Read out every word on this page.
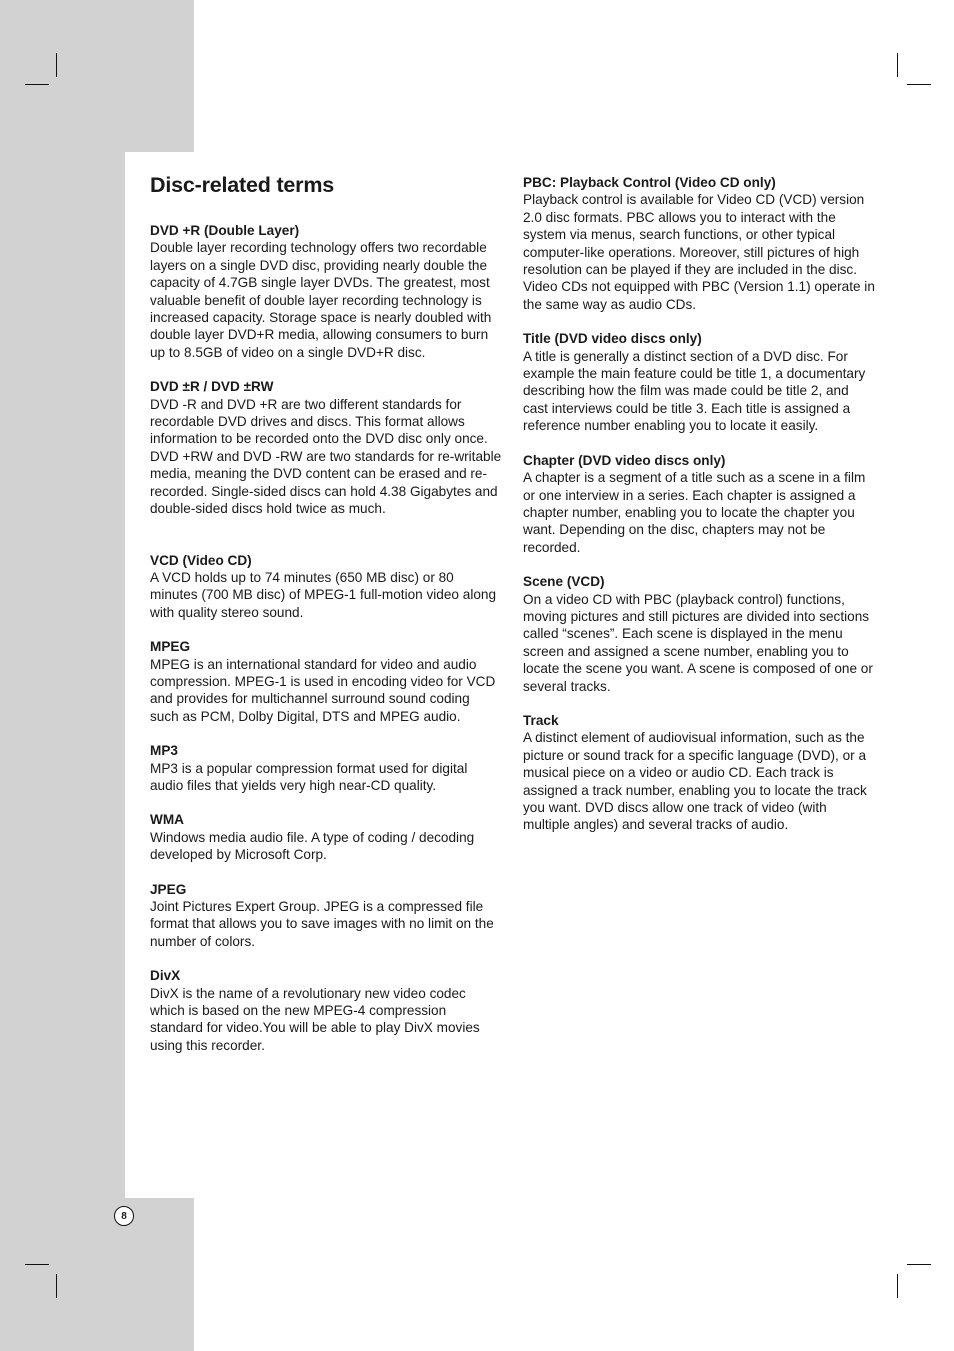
Disc-related terms
DVD +R (Double Layer)
Double layer recording technology offers two recordable layers on a single DVD disc, providing nearly double the capacity of 4.7GB single layer DVDs. The greatest, most valuable benefit of double layer recording technology is increased capacity. Storage space is nearly doubled with double layer DVD+R media, allowing consumers to burn up to 8.5GB of video on a single DVD+R disc.
DVD ±R / DVD ±RW
DVD -R and DVD +R are two different standards for recordable DVD drives and discs. This format allows information to be recorded onto the DVD disc only once. DVD +RW and DVD -RW are two standards for re-writable media, meaning the DVD content can be erased and re-recorded. Single-sided discs can hold 4.38 Gigabytes and double-sided discs hold twice as much.
VCD (Video CD)
A VCD holds up to 74 minutes (650 MB disc) or 80 minutes (700 MB disc) of MPEG-1 full-motion video along with quality stereo sound.
MPEG
MPEG is an international standard for video and audio compression. MPEG-1 is used in encoding video for VCD and provides for multichannel surround sound coding such as PCM, Dolby Digital, DTS and MPEG audio.
MP3
MP3 is a popular compression format used for digital audio files that yields very high near-CD quality.
WMA
Windows media audio file. A type of coding / decoding developed by Microsoft Corp.
JPEG
Joint Pictures Expert Group. JPEG is a compressed file format that allows you to save images with no limit on the number of colors.
DivX
DivX is the name of a revolutionary new video codec which is based on the new MPEG-4 compression standard for video.You will be able to play DivX movies using this recorder.
PBC: Playback Control (Video CD only)
Playback control is available for Video CD (VCD) version 2.0 disc formats. PBC allows you to interact with the system via menus, search functions, or other typical computer-like operations. Moreover, still pictures of high resolution can be played if they are included in the disc. Video CDs not equipped with PBC (Version 1.1) operate in the same way as audio CDs.
Title (DVD video discs only)
A title is generally a distinct section of a DVD disc. For example the main feature could be title 1, a documentary describing how the film was made could be title 2, and cast interviews could be title 3. Each title is assigned a reference number enabling you to locate it easily.
Chapter (DVD video discs only)
A chapter is a segment of a title such as a scene in a film or one interview in a series. Each chapter is assigned a chapter number, enabling you to locate the chapter you want. Depending on the disc, chapters may not be recorded.
Scene (VCD)
On a video CD with PBC (playback control) functions, moving pictures and still pictures are divided into sections called “scenes”. Each scene is displayed in the menu screen and assigned a scene number, enabling you to locate the scene you want. A scene is composed of one or several tracks.
Track
A distinct element of audiovisual information, such as the picture or sound track for a specific language (DVD), or a musical piece on a video or audio CD. Each track is assigned a track number, enabling you to locate the track you want. DVD discs allow one track of video (with multiple angles) and several tracks of audio.
8
